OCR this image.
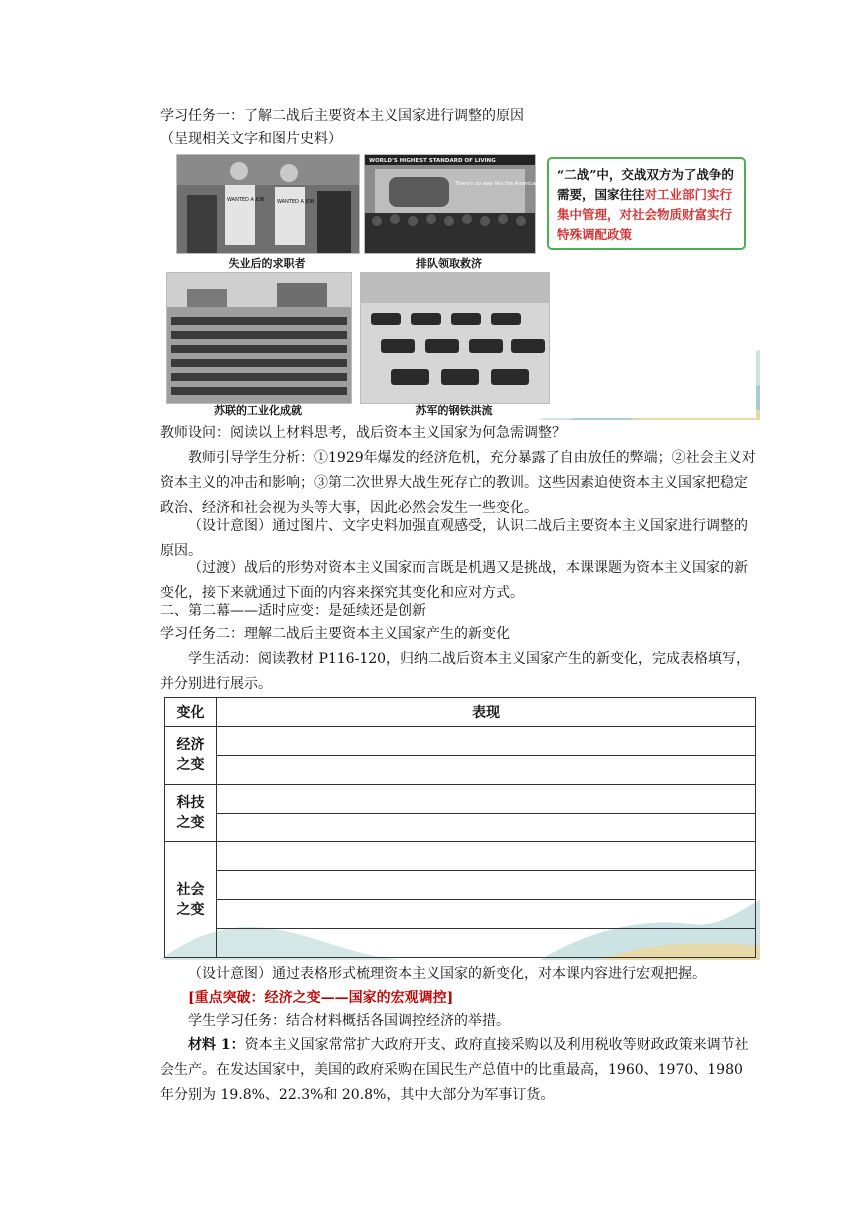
学习任务一：了解二战后主要资本主义国家进行调整的原因

（呈现相关文字和图片史料）

WANTED A JOB	WANTED A JOB
失业后的求职者
WORLD'S HIGHEST STANDARD OF LIVING
There's no way like the American Way
排队领取救济
“二战”中，交战双方为了战争的需要，国家往往对工业部门实行集中管理，对社会物质财富实行特殊调配政策
苏联的工业化成就	苏军的钢铁洪流

教师设问：阅读以上材料思考，战后资本主义国家为何急需调整？

教师引导学生分析：①1929年爆发的经济危机，充分暴露了自由放任的弊端；②社会主义对资本主义的冲击和影响；③第二次世界大战生死存亡的教训。这些因素迫使资本主义国家把稳定政治、经济和社会视为头等大事，因此必然会发生一些变化。

（设计意图）通过图片、文字史料加强直观感受，认识二战后主要资本主义国家进行调整的原因。

（过渡）战后的形势对资本主义国家而言既是机遇又是挑战，本课课题为资本主义国家的新变化，接下来就通过下面的内容来探究其变化和应对方式。

二、第二幕——适时应变：是延续还是创新

学习任务二：理解二战后主要资本主义国家产生的新变化

学生活动：阅读教材 P116-120，归纳二战后资本主义国家产生的新变化，完成表格填写，并分别进行展示。

变化	表现

经济之变	

科技之变	

社会之变	

（设计意图）通过表格形式梳理资本主义国家的新变化，对本课内容进行宏观把握。

[重点突破：经济之变——国家的宏观调控]

学生学习任务：结合材料概括各国调控经济的举措。

材料 1：资本主义国家常常扩大政府开支、政府直接采购以及利用税收等财政政策来调节社会生产。在发达国家中，美国的政府采购在国民生产总值中的比重最高，1960、1970、1980 年分别为 19.8%、22.3%和 20.8%，其中大部分为军事订货。
